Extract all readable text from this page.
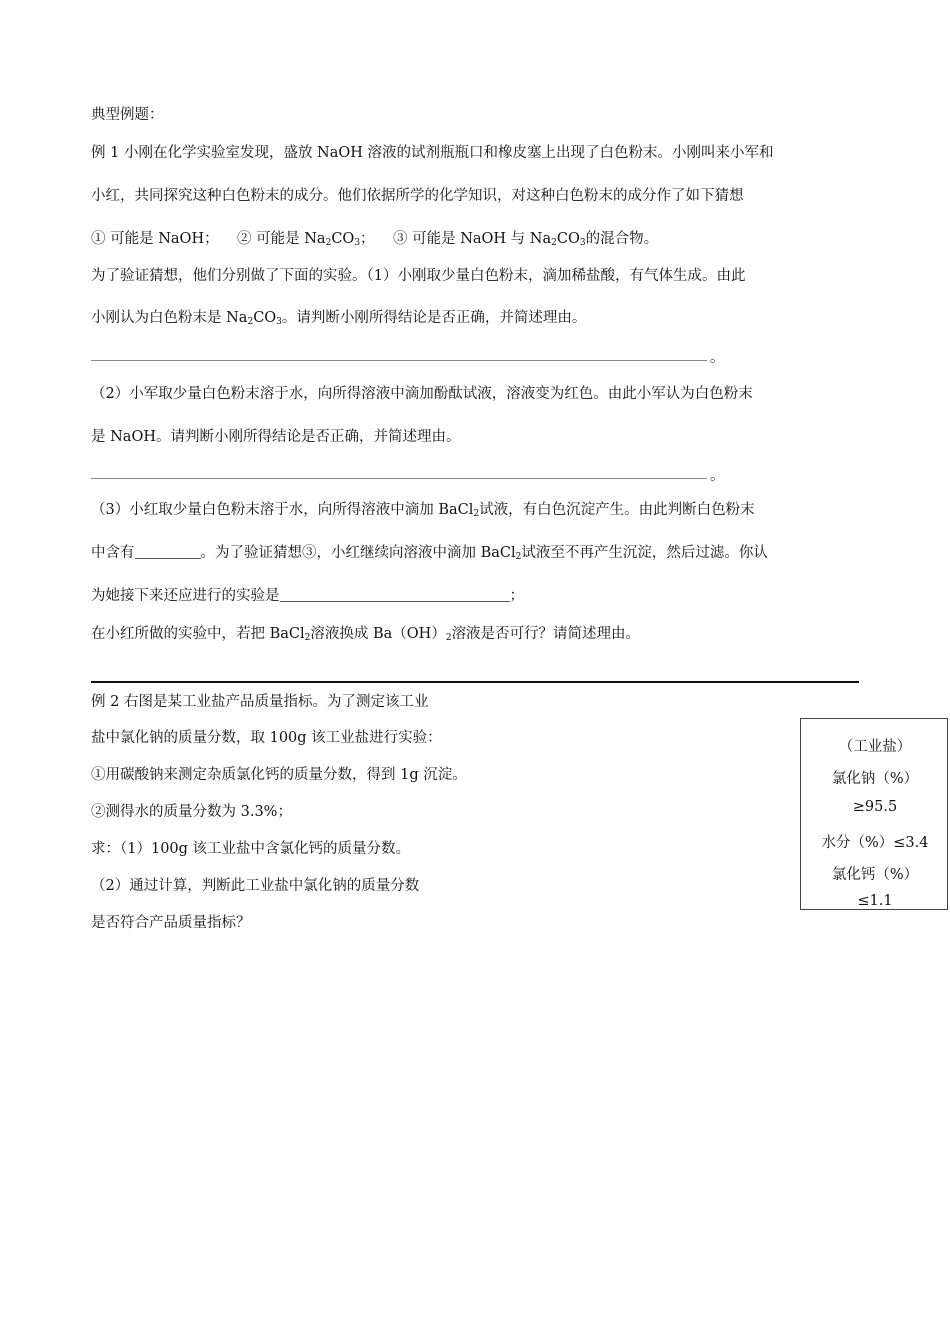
典型例题：
例 1 小刚在化学实验室发现，盛放 NaOH 溶液的试剂瓶瓶口和橡皮塞上出现了白色粉末。小刚叫来小军和
小红，共同探究这种白色粉末的成分。他们依据所学的化学知识，对这种白色粉末的成分作了如下猜想
① 可能是 NaOH； ② 可能是 $Na_2CO_3$； ③ 可能是 NaOH 与 $Na_2CO_3$的混合物。
为了验证猜想，他们分别做了下面的实验。（1）小刚取少量白色粉末，滴加稀盐酸，有气体生成。由此
小刚认为白色粉末是 $Na_2CO_3$。请判断小刚所得结论是否正确，并简述理由。
。
（2）小军取少量白色粉末溶于水，向所得溶液中滴加酚酞试液，溶液变为红色。由此小军认为白色粉末
是 NaOH。请判断小刚所得结论是否正确，并简述理由。
。
（3）小红取少量白色粉末溶于水，向所得溶液中滴加 BaCl$_2$试液，有白色沉淀产生。由此判断白色粉末
中含有	。为了验证猜想③，小红继续向溶液中滴加 BaCl$_2$试液至不再产生沉淀，然后过滤。你认
为她接下来还应进行的实验是	；
在小红所做的实验中，若把 BaCl$_2$溶液换成 $Ba(OH)_2$溶液是否可行？请简述理由。
例 2 右图是某工业盐产品质量指标。为了测定该工业
盐中氯化钠的质量分数，取 100g 该工业盐进行实验：
①用碳酸钠来测定杂质氯化钙的质量分数，得到 1g 沉淀。
②测得水的质量分数为 3.3%；
求：（1）100g 该工业盐中含氯化钙的质量分数。
（2）通过计算，判断此工业盐中氯化钠的质量分数
是否符合产品质量指标？
（工业盐）
氯化钠（%）
≥95.5
水分（%）≤3.4
氯化钙（%）
≤1.1
